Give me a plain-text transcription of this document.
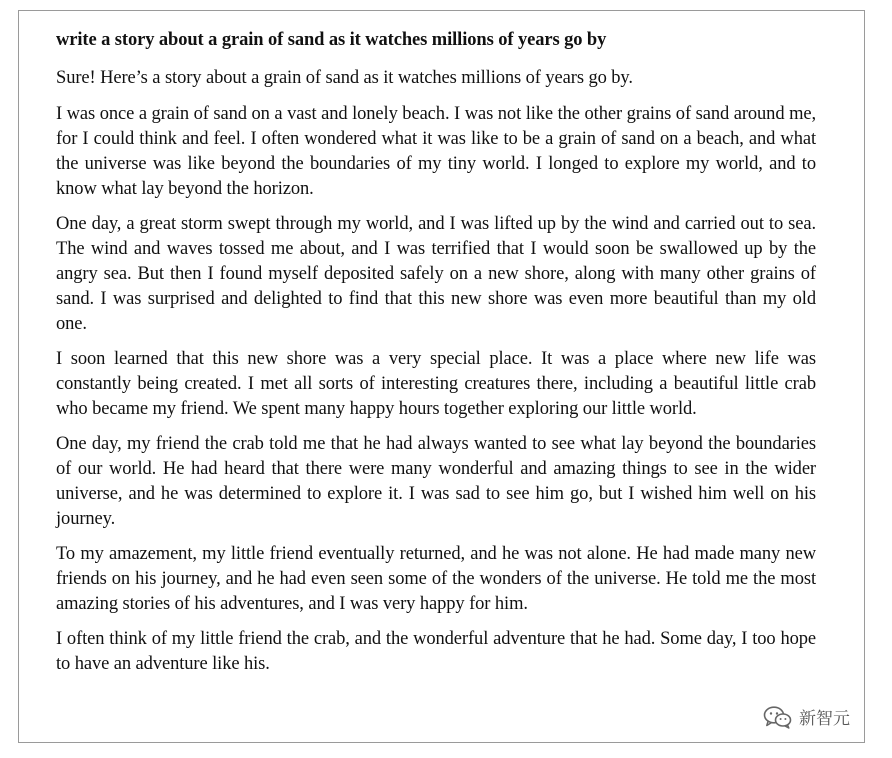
write a story about a grain of sand as it watches millions of years go by

Sure! Here’s a story about a grain of sand as it watches millions of years go by.

I was once a grain of sand on a vast and lonely beach. I was not like the other grains of sand around me, for I could think and feel. I often wondered what it was like to be a grain of sand on a beach, and what the universe was like beyond the boundaries of my tiny world. I longed to explore my world, and to know what lay beyond the horizon.

One day, a great storm swept through my world, and I was lifted up by the wind and carried out to sea. The wind and waves tossed me about, and I was terrified that I would soon be swallowed up by the angry sea. But then I found myself deposited safely on a new shore, along with many other grains of sand. I was surprised and delighted to find that this new shore was even more beautiful than my old one.

I soon learned that this new shore was a very special place. It was a place where new life was constantly being created. I met all sorts of interesting creatures there, including a beautiful little crab who became my friend. We spent many happy hours together exploring our little world.

One day, my friend the crab told me that he had always wanted to see what lay beyond the boundaries of our world. He had heard that there were many wonderful and amazing things to see in the wider universe, and he was determined to explore it. I was sad to see him go, but I wished him well on his journey.

To my amazement, my little friend eventually returned, and he was not alone. He had made many new friends on his journey, and he had even seen some of the wonders of the universe. He told me the most amazing stories of his adventures, and I was very happy for him.

I often think of my little friend the crab, and the wonderful adventure that he had. Some day, I too hope to have an adventure like his.

新智元
